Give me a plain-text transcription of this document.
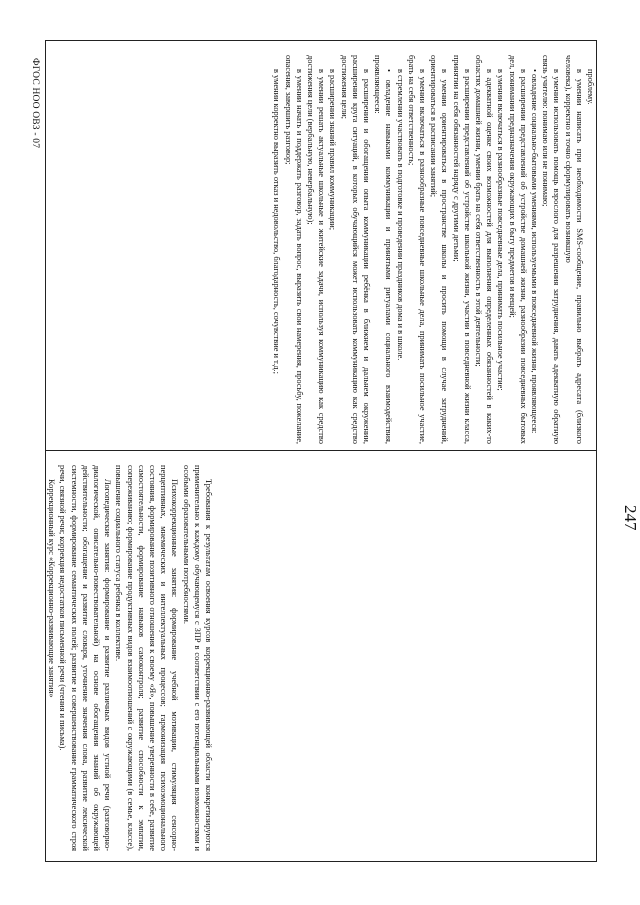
247

проблему.

в умении написать при необходимости SMS-сообщение, правильно выбрать адресата (близкого человека), корректно и точно сформулировать возникшую

в умении использовать помощь взрослого для разрешения затруднения, давать адекватную обратную связь учителю: понимаю или не понимаю;

• овладение социально-бытовыми умениями, используемыми в повседневной жизни, проявляющееся:

в расширении представлений об устройстве домашней жизни, разнообразии повседневных бытовых дел, понимании предназначения окружающих в быту предметов и вещей;

в умении включаться в разнообразные повседневные дела, принимать посильное участие;

в адекватной оценке своих возможностей для выполнения определенных обязанностей в каких-то областях домашней жизни, умении брать на себя ответственность в этой деятельности;

в расширении представлений об устройстве школьной жизни, участии в повседневной жизни класса, принятии на себя обязанностей наряду с другими детьми;

в умении ориентироваться в пространстве школы и просить помощи в случае затруднений, ориентироваться в расписании занятий;

в умении включаться в разнообразные повседневные школьные дела, принимать посильное участие, брать на себя ответственность;

в стремлении участвовать в подготовке и проведении праздников дома и в школе.

• овладение навыками коммуникации и принятыми ритуалами социального взаимодействия, проявляющееся:

в расширении и обогащении опыта коммуникации ребёнка в ближнем и дальнем окружении, расширении круга ситуаций, в которых обучающийся может использовать коммуникацию как средство достижения цели;

в расширении знаний правил коммуникации;

в умении решать актуальные школьные и житейские задачи, используя коммуникацию как средство достижения цели (вербальную, невербальную);

в умении начать и поддержать разговор, задать вопрос, выразить свои намерения, просьбу, пожелание, опасения, завершить разговор;

в умении корректно выразить отказ и недовольство, благодарность, сочувствие и т.д.;

Требования к результатам освоения курсов коррекционно-развивающей области конкретизируются применительно к каждому обучающемуся с ЗПР в соответствии с его потенциальными возможностями и особыми образовательными потребностями.

Психокоррекционные занятия: формирование учебной мотивации, стимуляция сенсорно-перцептивных, мнемических и интеллектуальных процессов; гармонизация психоэмоционального состояния, формирование позитивного отношения к своему «Я», повышение уверенности в себе, развитие самостоятельности, формирование навыков самоконтроля; развитие способности к эмпатии, сопереживанию; формирование продуктивных видов взаимоотношений с окружающими (в семье, классе), повышение социального статуса ребенка в коллективе.

Логопедические занятия: формирование и развитие различных видов устной речи (разговорно-диалогической, описательно-повествовательной) на основе обогащения знаний об окружающей действительности; обогащение и развитие словаря, уточнение значения слова, развитие лексической системности, формирование семантических полей; развитие и совершенствование грамматического строя речи, связной речи; коррекция недостатков письменной речи (чтения и письма).

Коррекционный курс «Коррекционно-развивающие занятия»

ФГОС НОО ОВЗ - 07
